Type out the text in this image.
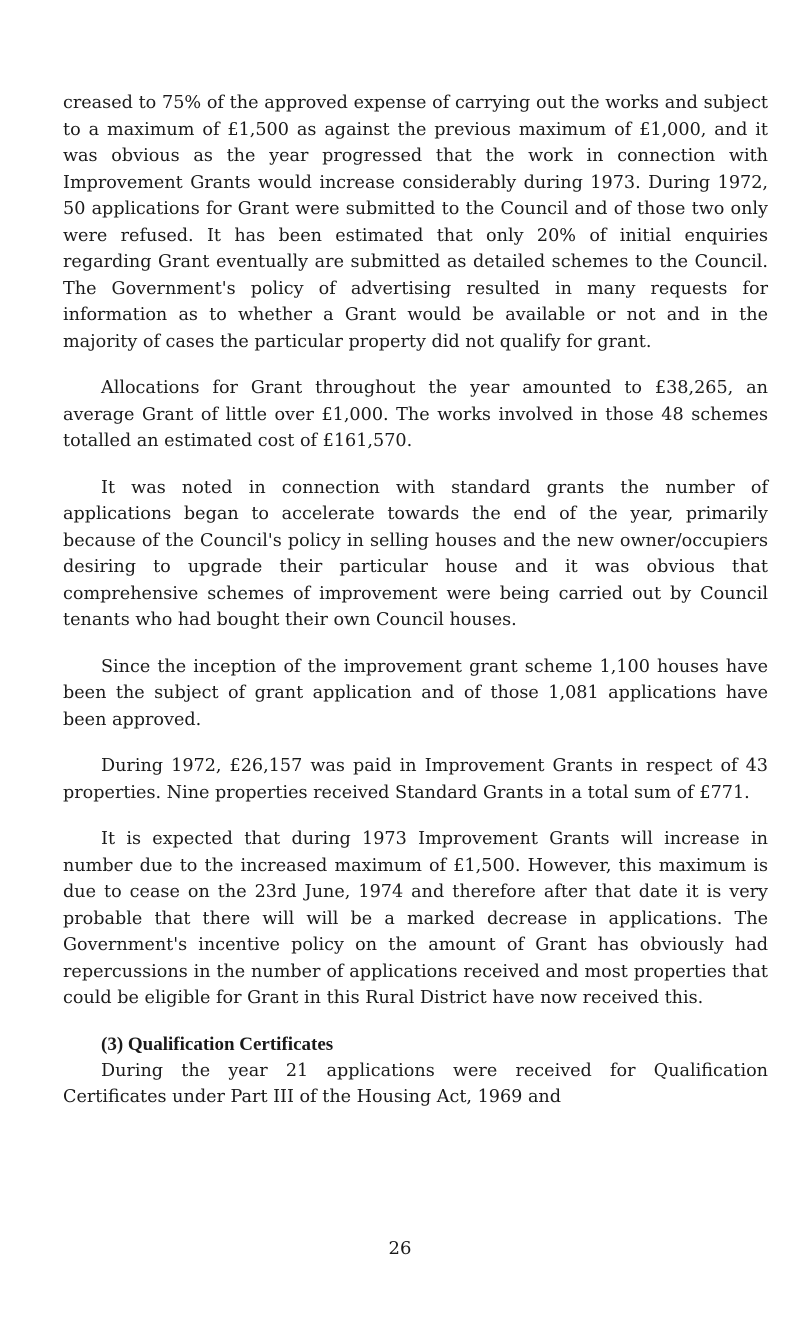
creased to 75% of the approved expense of carrying out the works and subject to a maximum of £1,500 as against the previous maximum of £1,000, and it was obvious as the year progressed that the work in connection with Improvement Grants would increase considerably during 1973. During 1972, 50 applications for Grant were submitted to the Council and of those two only were refused. It has been estimated that only 20% of initial enquiries regarding Grant eventually are submitted as detailed schemes to the Council. The Government's policy of advertising resulted in many requests for information as to whether a Grant would be available or not and in the majority of cases the particular property did not qualify for grant.

Allocations for Grant throughout the year amounted to £38,265, an average Grant of little over £1,000. The works involved in those 48 schemes totalled an estimated cost of £161,570.

It was noted in connection with standard grants the number of applications began to accelerate towards the end of the year, primarily because of the Council's policy in selling houses and the new owner/occupiers desiring to upgrade their particular house and it was obvious that comprehensive schemes of improvement were being carried out by Council tenants who had bought their own Council houses.

Since the inception of the improvement grant scheme 1,100 houses have been the subject of grant application and of those 1,081 applications have been approved.

During 1972, £26,157 was paid in Improvement Grants in respect of 43 properties. Nine properties received Standard Grants in a total sum of £771.

It is expected that during 1973 Improvement Grants will increase in number due to the increased maximum of £1,500. However, this maximum is due to cease on the 23rd June, 1974 and therefore after that date it is very probable that there will will be a marked decrease in applications. The Government's incentive policy on the amount of Grant has obviously had repercussions in the number of applications received and most properties that could be eligible for Grant in this Rural District have now received this.

(3) Qualification Certificates

During the year 21 applications were received for Qualification Certificates under Part III of the Housing Act, 1969 and

26
